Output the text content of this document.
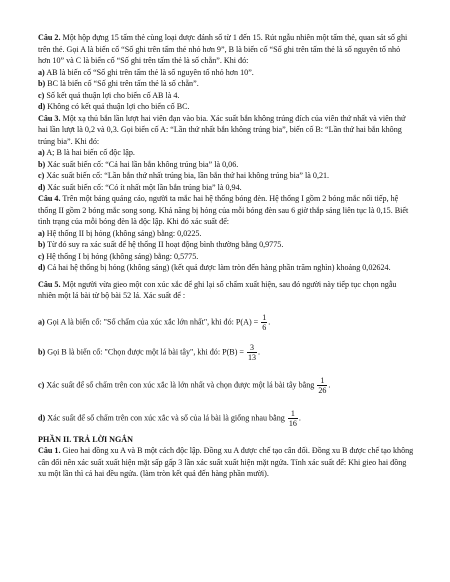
Câu 2. Một hộp đựng 15 tấm thẻ cùng loại được đánh số từ 1 đến 15. Rút ngẫu nhiên một tấm thẻ, quan sát số ghi trên thẻ. Gọi A là biến cố “Số ghi trên tấm thẻ nhỏ hơn 9”, B là biến cố “Số ghi trên tấm thẻ là số nguyên tố nhỏ hơn 10” và C là biến cố “Số ghi trên tấm thẻ là số chẵn”. Khi đó:

a) AB là biến cố “Số ghi trên tấm thẻ là số nguyên tố nhỏ hơn 10”.

b) BC là biến cố “Số ghi trên tấm thẻ là số chẵn”.

c) Số kết quả thuận lợi cho biến cố AB là 4.

d) Không có kết quả thuận lợi cho biến cố BC.

Câu 3. Một xạ thủ bắn lần lượt hai viên đạn vào bia. Xác suất bắn không trúng đích của viên thứ nhất và viên thứ hai lần lượt là 0,2 và 0,3. Gọi biến cố A: “Lần thứ nhất bắn không trúng bia”, biến cố B: “Lần thứ hai bắn không trúng bia”. Khi đó:

a) A; B là hai biến cố độc lập.

b) Xác suất biến cố: “Cả hai lần bắn không trúng bia” là 0,06.

c) Xác suất biến cố: “Lần bắn thứ nhất trúng bia, lần bắn thứ hai không trúng bia” là 0,21.

d) Xác suất biến cố: “Có ít nhất một lần bắn trúng bia” là 0,94.

Câu 4. Trên một bảng quảng cáo, người ta mắc hai hệ thống bóng đèn. Hệ thống I gồm 2 bóng mắc nối tiếp, hệ thống II gồm 2 bóng mắc song song. Khả năng bị hỏng của mỗi bóng đèn sau 6 giờ thắp sáng liên tục là 0,15. Biết tình trạng của mỗi bóng đèn là độc lập. Khi đó xác suất để:

a) Hệ thống II bị hỏng (không sáng) bằng: 0,0225.

b) Từ đó suy ra xác suất để hệ thống II hoạt động bình thường bằng 0,9775.

c) Hệ thống I bị hỏng (không sáng) bằng: 0,5775.

d) Cả hai hệ thống bị hỏng (không sáng) (kết quả được làm tròn đến hàng phần trăm nghìn) khoảng 0,02624.

Câu 5. Một người vừa gieo một con xúc xắc để ghi lại số chấm xuất hiện, sau đó người này tiếp tục chọn ngẫu nhiên một lá bài từ bộ bài 52 lá. Xác suất để :

a) Gọi A là biến cố: "Số chấm của xúc xắc lớn nhất", khi đó: $P(A) = \frac{1}{6}$ .

b) Gọi B là biến cố: "Chọn được một lá bài tây", khi đó: $P(B) = \frac{3}{13}$ .

c) Xác suất để số chấm trên con xúc xắc là lớn nhất và chọn được một lá bài tây bằng $\frac{1}{26}$ .

d) Xác suất để số chấm trên con xúc xắc và số của lá bài là giống nhau bằng $\frac{1}{16}$ .

PHẦN II. TRẢ LỜI NGẮN

Câu 1. Gieo hai đồng xu A và B một cách độc lập. Đồng xu A được chế tạo cân đối. Đồng xu B được chế tạo không cân đối nên xác suất xuất hiện mặt sấp gấp 3 lần xác suất xuất hiện mặt ngửa. Tính xác suất để: Khi gieo hai đồng xu một lần thì cả hai đều ngửa. (làm tròn kết quả đến hàng phần mười).
